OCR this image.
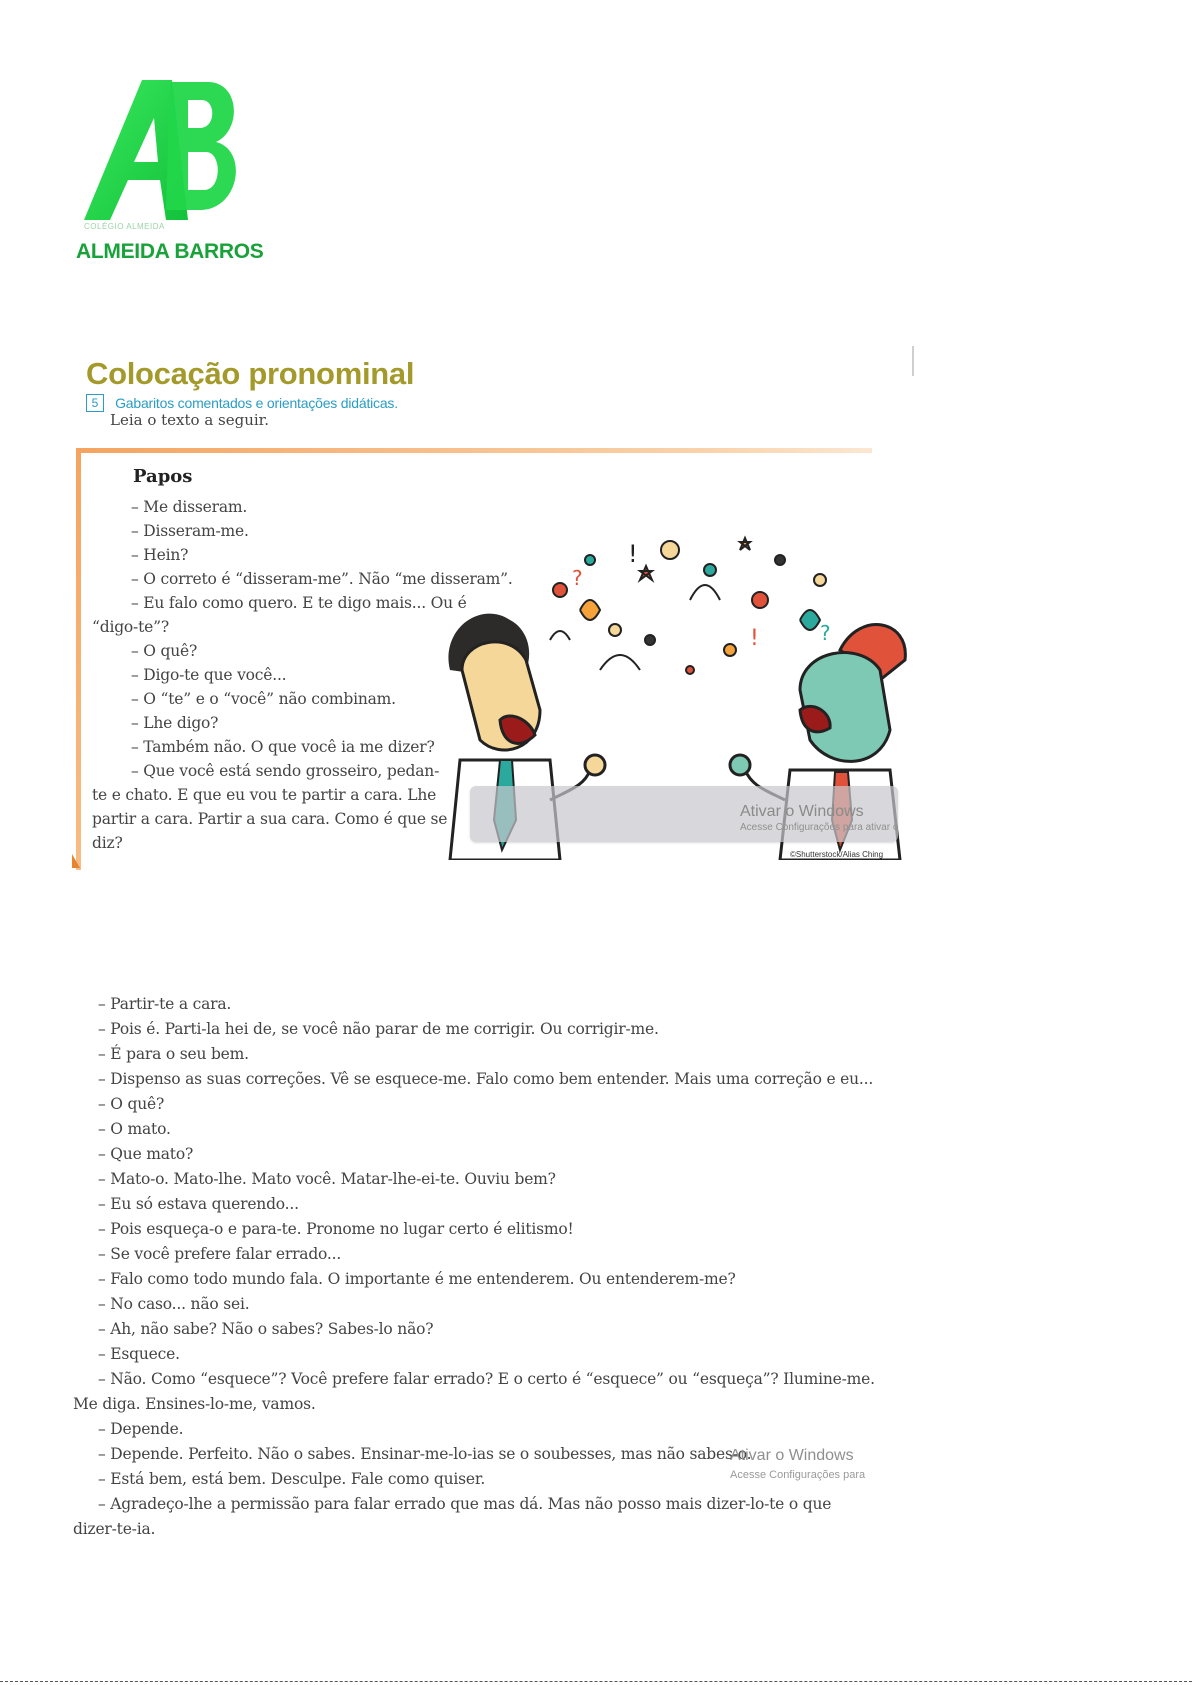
COLÉGIO ALMEIDA
ALMEIDA BARROS
Colocação pronominal
5 Gabaritos comentados e orientações didáticas.
Leia o texto a seguir.
Papos
– Me disseram.
– Disseram-me.
– Hein?
– O correto é “disseram-me”. Não “me disseram”.
– Eu falo como quero. E te digo mais... Ou é
“digo-te”?
– O quê?
– Digo-te que você...
– O “te” e o “você” não combinam.
– Lhe digo?
– Também não. O que você ia me dizer?
– Que você está sendo grosseiro, pedan-
te e chato. E que eu vou te partir a cara. Lhe
partir a cara. Partir a sua cara. Como é que se
diz?
?
!
!	?
Ativar o Windows
Acesse Configurações para ativar o
©Shutterstock/Alias Ching
– Partir-te a cara.
– Pois é. Parti-la hei de, se você não parar de me corrigir. Ou corrigir-me.
– É para o seu bem.
– Dispenso as suas correções. Vê se esquece-me. Falo como bem entender. Mais uma correção e eu...
– O quê?
– O mato.
– Que mato?
– Mato-o. Mato-lhe. Mato você. Matar-lhe-ei-te. Ouviu bem?
– Eu só estava querendo...
– Pois esqueça-o e para-te. Pronome no lugar certo é elitismo!
– Se você prefere falar errado...
– Falo como todo mundo fala. O importante é me entenderem. Ou entenderem-me?
– No caso... não sei.
– Ah, não sabe? Não o sabes? Sabes-lo não?
– Esquece.
– Não. Como “esquece”? Você prefere falar errado? E o certo é “esquece” ou “esqueça”? Ilumine-me.
Me diga. Ensines-lo-me, vamos.
– Depende.
– Depende. Perfeito. Não o sabes. Ensinar-me-lo-ias se o soubesses, mas não sabes-o.
– Está bem, está bem. Desculpe. Fale como quiser.
– Agradeço-lhe a permissão para falar errado que mas dá. Mas não posso mais dizer-lo-te o que
dizer-te-ia.
Ativar o Windows
Acesse Configurações para
